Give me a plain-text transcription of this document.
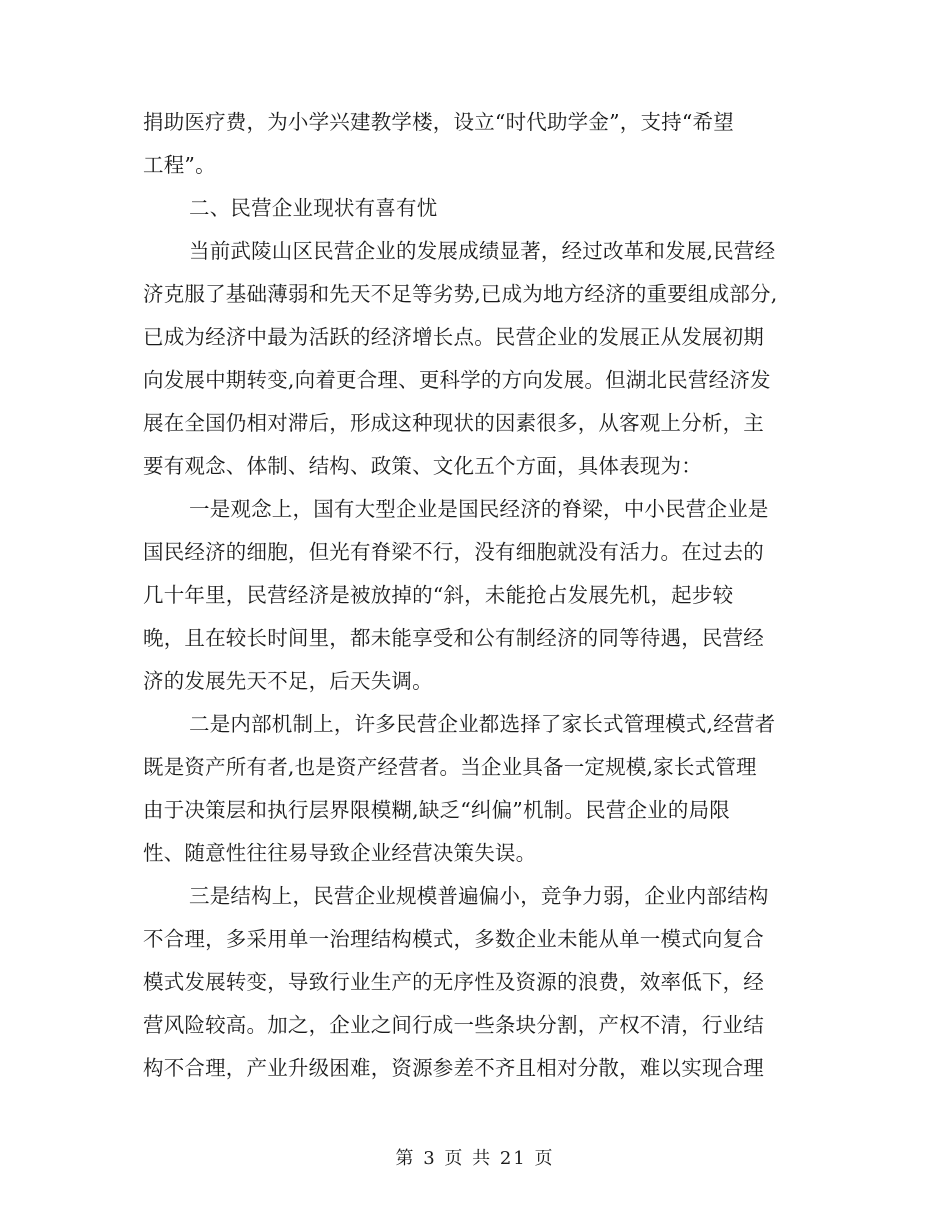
捐助医疗费，为小学兴建教学楼，设立“时代助学金”，支持“希望
工程”。
二、民营企业现状有喜有忧
当前武陵山区民营企业的发展成绩显著，经过改革和发展,民营经
济克服了基础薄弱和先天不足等劣势,已成为地方经济的重要组成部分,
已成为经济中最为活跃的经济增长点。民营企业的发展正从发展初期
向发展中期转变,向着更合理、更科学的方向发展。但湖北民营经济发
展在全国仍相对滞后，形成这种现状的因素很多，从客观上分析，主
要有观念、体制、结构、政策、文化五个方面，具体表现为：
一是观念上，国有大型企业是国民经济的脊梁，中小民营企业是
国民经济的细胞，但光有脊梁不行，没有细胞就没有活力。在过去的
几十年里，民营经济是被放掉的“斜，未能抢占发展先机，起步较
晚，且在较长时间里，都未能享受和公有制经济的同等待遇，民营经
济的发展先天不足，后天失调。
二是内部机制上，许多民营企业都选择了家长式管理模式,经营者
既是资产所有者,也是资产经营者。当企业具备一定规模,家长式管理
由于决策层和执行层界限模糊,缺乏“纠偏”机制。民营企业的局限
性、随意性往往易导致企业经营决策失误。
三是结构上，民营企业规模普遍偏小，竞争力弱，企业内部结构
不合理，多采用单一治理结构模式，多数企业未能从单一模式向复合
模式发展转变，导致行业生产的无序性及资源的浪费，效率低下，经
营风险较高。加之，企业之间行成一些条块分割，产权不清，行业结
构不合理，产业升级困难，资源参差不齐且相对分散，难以实现合理
第 3 页 共 21 页
